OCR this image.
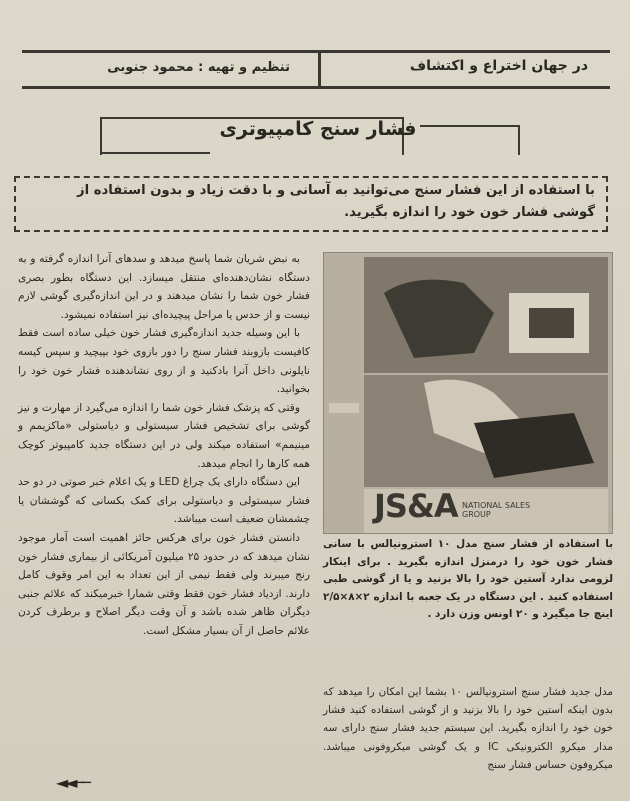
در جهان اختراع و اکتشاف
تنظیم و تهیه : محمود جنوبی
فشار سنج کامپیوتری
با استفاده از این فشار سنج می‌توانید به آسانی و با دقت زیاد و بدون استفاده از گوشی فشار خون خود را اندازه بگیرید.

به نبض شریان شما پاسخ میدهد و سدهای آنرا اندازه گرفته و به دستگاه نشان‌دهنده‌ای منتقل میسازد. این دستگاه بطور بصری فشار خون شما را نشان میدهند و در این اندازه‌گیری گوشی لازم نیست و از حدس یا مراحل پیچیده‌ای نیز استفاده نمیشود.

با این وسیله جدید اندازه‌گیری فشار خون خیلی ساده است فقط کافیست بازوبند فشار سنج را دور بازوی خود بپیچید و سپس کیسه نایلونی داخل آنرا بادکنید و از روی نشاندهنده فشار خون خود را بخوانید.

وقتی که پزشک فشار خون شما را اندازه می‌گیرد از مهارت و نیز گوشی برای تشخیص فشار سیستولی و دیاستولی «ماکزیمم و مینیمم» استفاده میکند ولی در این دستگاه جدید کامپیوتر کوچک همه کارها را انجام میدهد.

این دستگاه دارای یک چراغ LED و یک اعلام خبر صوتی در دو حد فشار سیستولی و دیاستولی برای کمک بکسانی که گوششان یا چشمشان ضعیف است میباشد.

دانستن فشار خون برای هرکس حائز اهمیت است آمار موجود نشان میدهد که در حدود ۲۵ میلیون آمریکائی از بیماری فشار خون رنج میبرند ولی فقط نیمی از این تعداد به این امر وقوف کامل دارند. ازدیاد فشار خون فقط وقتی شمارا خبرمیکند که علائم جنبی دیگران ظاهر شده باشد و آن وقت دیگر اصلاح و برطرف کردن علائم حاصل از آن بسیار مشکل است.

JS&A NATIONAL SALES GROUP
با استفاده از فشار سنج مدل ۱۰ استرونیالس با سانی فشار خون خود را درمنزل اندازه بگیرید . برای اینکار لزومی ندارد آستین خود را بالا بزنید و یا از گوشی طبی استفاده کنید . این دستگاه در یک جعبه با اندازه ۲×۸×۲/۵ اینچ جا میگیرد و ۲۰ اونس وزن دارد .
مدل جدید فشار سنج استرونیالس ۱۰ بشما این امکان را میدهد که بدون اینکه آستین خود را بالا بزنید و از گوشی استفاده کنید فشار خون خود را اندازه بگیرید. این سیستم جدید فشار سنج دارای سه مدار میکرو الکترونیکی IC و یک گوشی میکروفونی میباشد. میکروفون حساس فشار سنج
◄◄──
